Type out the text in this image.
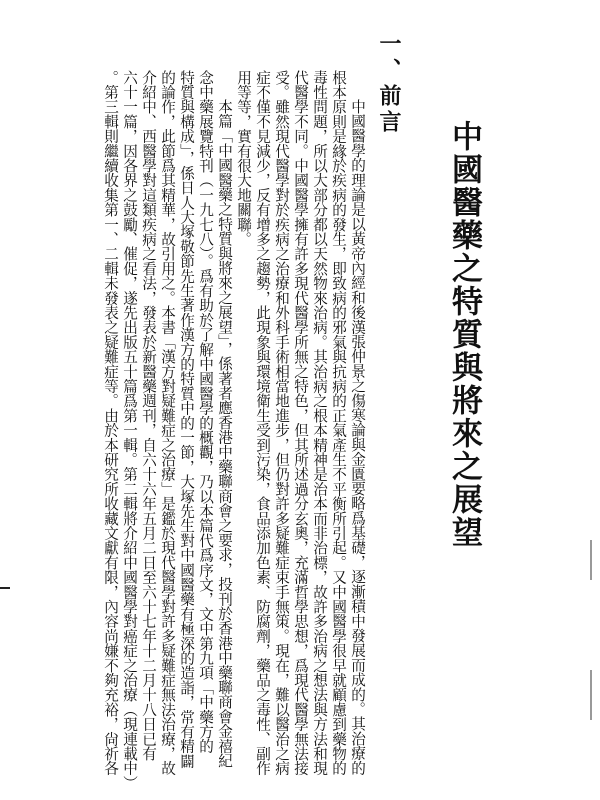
中國醫藥之特質與將來之展望
一、前言
中國醫學的理論是以黃帝內經和後漢張仲景之傷寒論與金匱要略爲基礎，逐漸積中發展而成的。其治療的
根本原則是緣於疾病的發生，即致病的邪氣與抗病的正氣產生不平衡所引起。又中國醫學很早就顧慮到藥物的
毒性問題，所以大部分都以天然物來治病。其治病之根本精神是治本而非治標，故許多治病之想法與方法和現
代醫學不同。中國醫學擁有許多現代醫學所無之特色，但其所述過分玄奧，充滿哲學思想，爲現代醫學無法接
受。雖然現代醫學對於疾病之治療和外科手術相當地進步，但仍對許多疑難症束手無策。現在，難以醫治之病
症不僅不見減少，反有增多之趨勢，此現象與環境衛生受到污染，食品添加色素、防腐劑，藥品之毒性、副作
用等等，實有很大地關聯。
本篇「中國醫藥之特質與將來之展望」，係著者應香港中藥聯商會之要求，投刊於香港中藥聯商會金禧紀
念中藥展覽特刊（一九七八）。爲有助於了解中國醫學的概觀，乃以本篇代爲序文，文中第九項「中藥方的
特質與構成」，係日人大塚敬節先生著作漢方的特質中的一節，大塚先生對中國醫藥有極深的造詣，常有精闢
的論作，此節爲其精華，故引用之。本書「漢方對疑難症之治療」是鑑於現代醫學對許多疑難症無法治療，故
介紹中、西醫學對這類疾病之看法，發表於新醫藥週刊，自六十六年五月二日至六十七年十二月十八日已有
六十一篇，因各界之鼓勵、催促，遂先出版五十篇爲第一輯。第二輯將介紹中國醫學對癌症之治療（現連載中）
。第三輯則繼續收集第一、二輯未發表之疑難症等。由於本研究所收藏文獻有限，內容尚嫌不夠充裕，尙祈各
